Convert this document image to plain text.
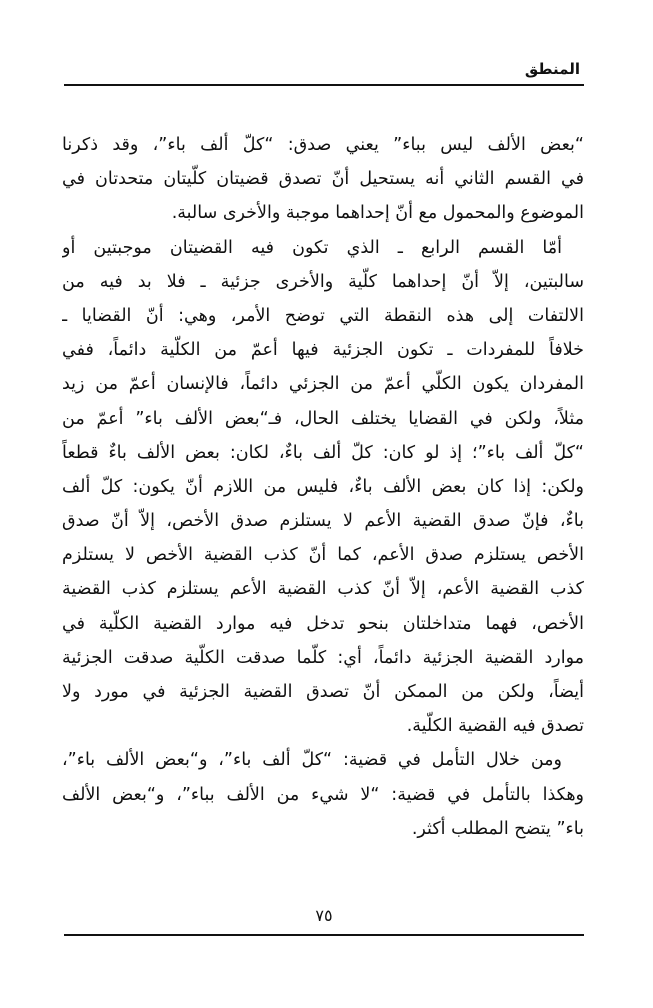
المنطق
“بعض الألف ليس بباء” يعني صدق: “كلّ ألف باء”، وقد ذكرنا
في القسم الثاني أنه يستحيل أنّ تصدق قضيتان كلّيتان متحدتان في
الموضوع والمحمول مع أنّ إحداهما موجبة والأخرى سالبة.
أمّا القسم الرابع ـ الذي تكون فيه القضيتان موجبتين أو
سالبتين، إلاّ أنّ إحداهما كلّية والأخرى جزئية ـ فلا بد فيه من
الالتفات إلى هذه النقطة التي توضح الأمر، وهي: أنّ القضايا ـ
خلافاً للمفردات ـ تكون الجزئية فيها أعمّ من الكلّية دائماً، ففي
المفردان يكون الكلّي أعمّ من الجزئي دائماً، فالإنسان أعمّ من زيد
مثلاً، ولكن في القضايا يختلف الحال، فـ“بعض الألف باء” أعمّ من
“كلّ ألف باء”؛ إذ لو كان: كلّ ألف باءٌ، لكان: بعض الألف باءٌ قطعاً
ولكن: إذا كان بعض الألف باءٌ، فليس من اللازم أنّ يكون: كلّ ألف
باءٌ، فإنّ صدق القضية الأعم لا يستلزم صدق الأخص، إلاّ أنّ صدق
الأخص يستلزم صدق الأعم، كما أنّ كذب القضية الأخص لا يستلزم
كذب القضية الأعم، إلاّ أنّ كذب القضية الأعم يستلزم كذب القضية
الأخص، فهما متداخلتان بنحو تدخل فيه موارد القضية الكلّية في
موارد القضية الجزئية دائماً، أي: كلّما صدقت الكلّية صدقت الجزئية
أيضاً، ولكن من الممكن أنّ تصدق القضية الجزئية في مورد ولا
تصدق فيه القضية الكلّية.
ومن خلال التأمل في قضية: “كلّ ألف باء”، و“بعض الألف باء”،
وهكذا بالتأمل في قضية: “لا شيء من الألف بباء”، و“بعض الألف
باء” يتضح المطلب أكثر.
٧٥
